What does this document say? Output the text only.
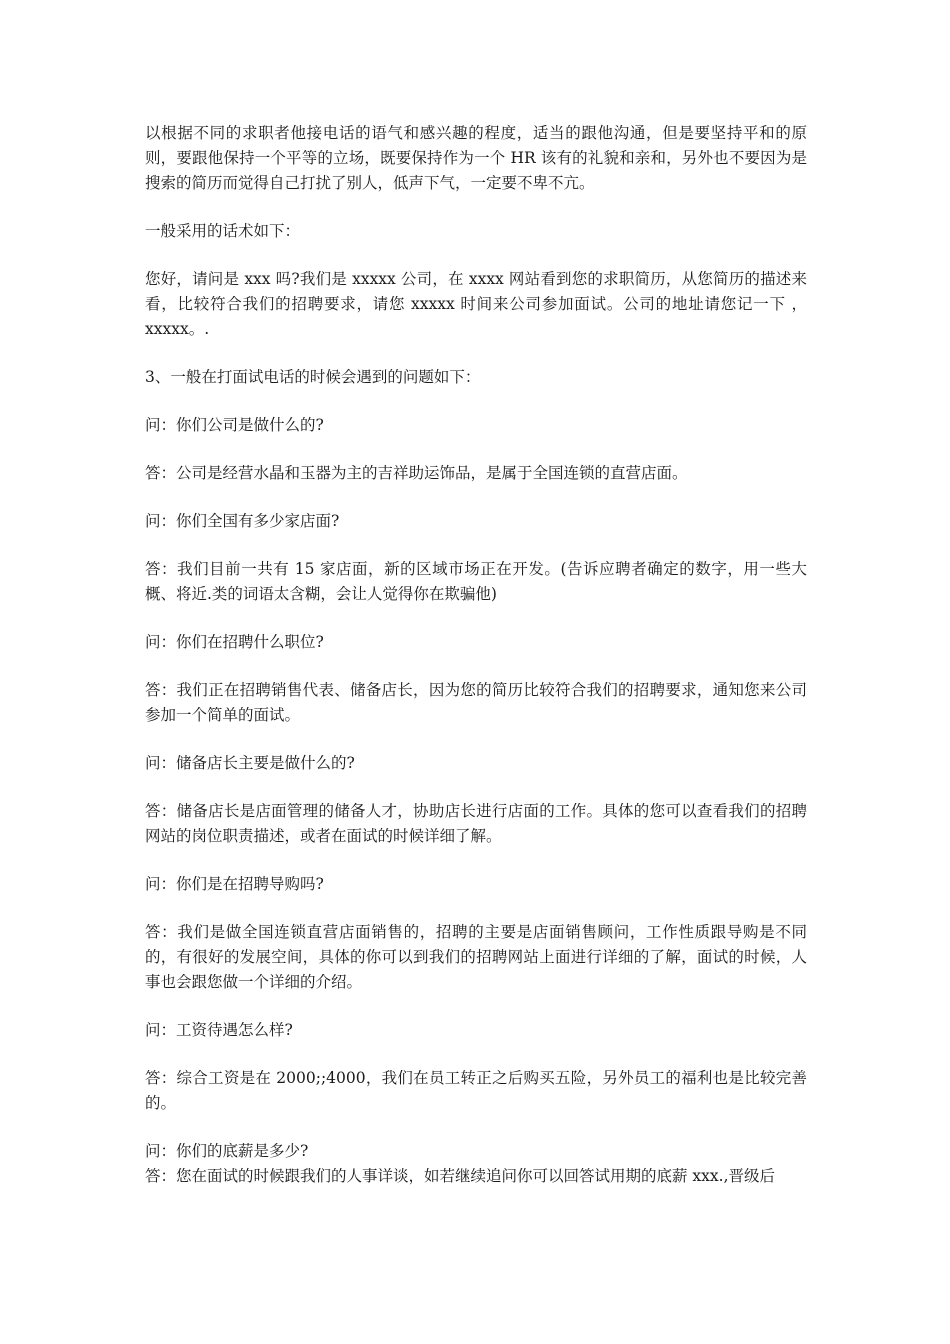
以根据不同的求职者他接电话的语气和感兴趣的程度，适当的跟他沟通，但是要坚持平和的原则，要跟他保持一个平等的立场，既要保持作为一个 HR 该有的礼貌和亲和，另外也不要因为是搜索的简历而觉得自己打扰了别人，低声下气，一定要不卑不亢。

一般采用的话术如下：

您好，请问是 xxx 吗?我们是 xxxxx 公司，在 xxxx 网站看到您的求职简历，从您简历的描述来看，比较符合我们的招聘要求，请您 xxxxx 时间来公司参加面试。公司的地址请您记一下 ，xxxxx。.

3、一般在打面试电话的时候会遇到的问题如下：

问：你们公司是做什么的?

答：公司是经营水晶和玉器为主的吉祥助运饰品，是属于全国连锁的直营店面。

问：你们全国有多少家店面?

答：我们目前一共有 15 家店面，新的区域市场正在开发。(告诉应聘者确定的数字，用一些大概、将近.类的词语太含糊，会让人觉得你在欺骗他)

问：你们在招聘什么职位?

答：我们正在招聘销售代表、储备店长，因为您的简历比较符合我们的招聘要求，通知您来公司参加一个简单的面试。

问：储备店长主要是做什么的?

答：储备店长是店面管理的储备人才，协助店长进行店面的工作。具体的您可以查看我们的招聘网站的岗位职责描述，或者在面试的时候详细了解。

问：你们是在招聘导购吗?

答：我们是做全国连锁直营店面销售的，招聘的主要是店面销售顾问，工作性质跟导购是不同的，有很好的发展空间，具体的你可以到我们的招聘网站上面进行详细的了解，面试的时候，人事也会跟您做一个详细的介绍。

问：工资待遇怎么样?

答：综合工资是在 2000;;4000，我们在员工转正之后购买五险，另外员工的福利也是比较完善的。

问：你们的底薪是多少?

答：您在面试的时候跟我们的人事详谈，如若继续追问你可以回答试用期的底薪 xxx.,晋级后
